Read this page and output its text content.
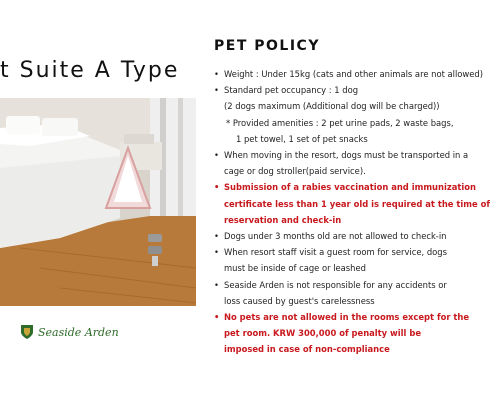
t Suite A Type
Seaside Arden
PET POLICY
• Weight : Under 15kg (cats and other animals are not allowed)
• Standard pet occupancy : 1 dog
(2 dogs maximum (Additional dog will be charged))
* Provided amenities : 2 pet urine pads, 2 waste bags,
1 pet towel, 1 set of pet snacks
• When moving in the resort, dogs must be transported in a
cage or dog stroller(paid service).
• Submission of a rabies vaccination and immunization
certificate less than 1 year old is required at the time of
reservation and check-in
• Dogs under 3 months old are not allowed to check-in
• When resort staff visit a guest room for service, dogs
must be inside of cage or leashed
• Seaside Arden is not responsible for any accidents or
loss caused by guest's carelessness
• No pets are not allowed in the rooms except for the
pet room. KRW 300,000 of penalty will be
imposed in case of non-compliance
